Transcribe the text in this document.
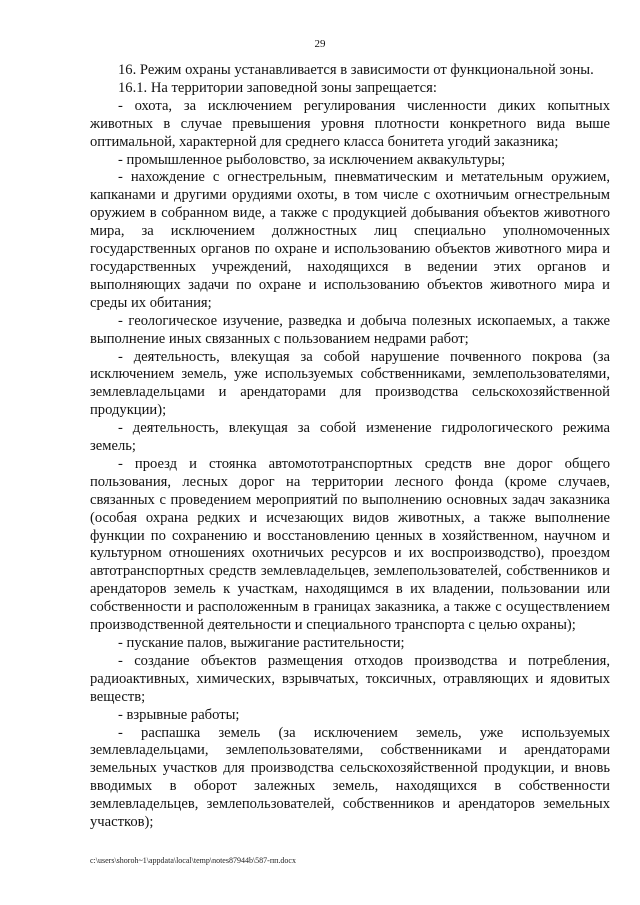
29

16. Режим охраны устанавливается в зависимости от функциональной зоны.

16.1. На территории заповедной зоны запрещается:

- охота, за исключением регулирования численности диких копытных животных в случае превышения уровня плотности конкретного вида выше оптимальной, характерной для среднего класса бонитета угодий заказника;

- промышленное рыболовство, за исключением аквакультуры;

- нахождение с огнестрельным, пневматическим и метательным оружием, капканами и другими орудиями охоты, в том числе с охотничьим огнестрельным оружием в собранном виде, а также с продукцией добывания объектов животного мира, за исключением должностных лиц специально уполномоченных государственных органов по охране и использованию объектов животного мира и государственных учреждений, находящихся в ведении этих органов и выполняющих задачи по охране и использованию объектов животного мира и среды их обитания;

- геологическое изучение, разведка и добыча полезных ископаемых, а также выполнение иных связанных с пользованием недрами работ;

- деятельность, влекущая за собой нарушение почвенного покрова (за исключением земель, уже используемых собственниками, землепользователями, землевладельцами и арендаторами для производства сельскохозяйственной продукции);

- деятельность, влекущая за собой изменение гидрологического режима земель;

- проезд и стоянка автомототранспортных средств вне дорог общего пользования, лесных дорог на территории лесного фонда (кроме случаев, связанных с проведением мероприятий по выполнению основных задач заказника (особая охрана редких и исчезающих видов животных, а также выполнение функции по сохранению и восстановлению ценных в хозяйственном, научном и культурном отношениях охотничьих ресурсов и их воспроизводство), проездом автотранспортных средств землевладельцев, землепользователей, собственников и арендаторов земель к участкам, находящимся в их владении, пользовании или собственности и расположенным в границах заказника, а также с осуществлением производственной деятельности и специального транспорта с целью охраны);

- пускание палов, выжигание растительности;

- создание объектов размещения отходов производства и потребления, радиоактивных, химических, взрывчатых, токсичных, отравляющих и ядовитых веществ;

- взрывные работы;

- распашка земель (за исключением земель, уже используемых землевладельцами, землепользователями, собственниками и арендаторами земельных участков для производства сельскохозяйственной продукции, и вновь вводимых в оборот залежных земель, находящихся в собственности землевладельцев, землепользователей, собственников и арендаторов земельных участков);

c:\users\shoroh~1\appdata\local\temp\notes87944b\587-пп.docx
